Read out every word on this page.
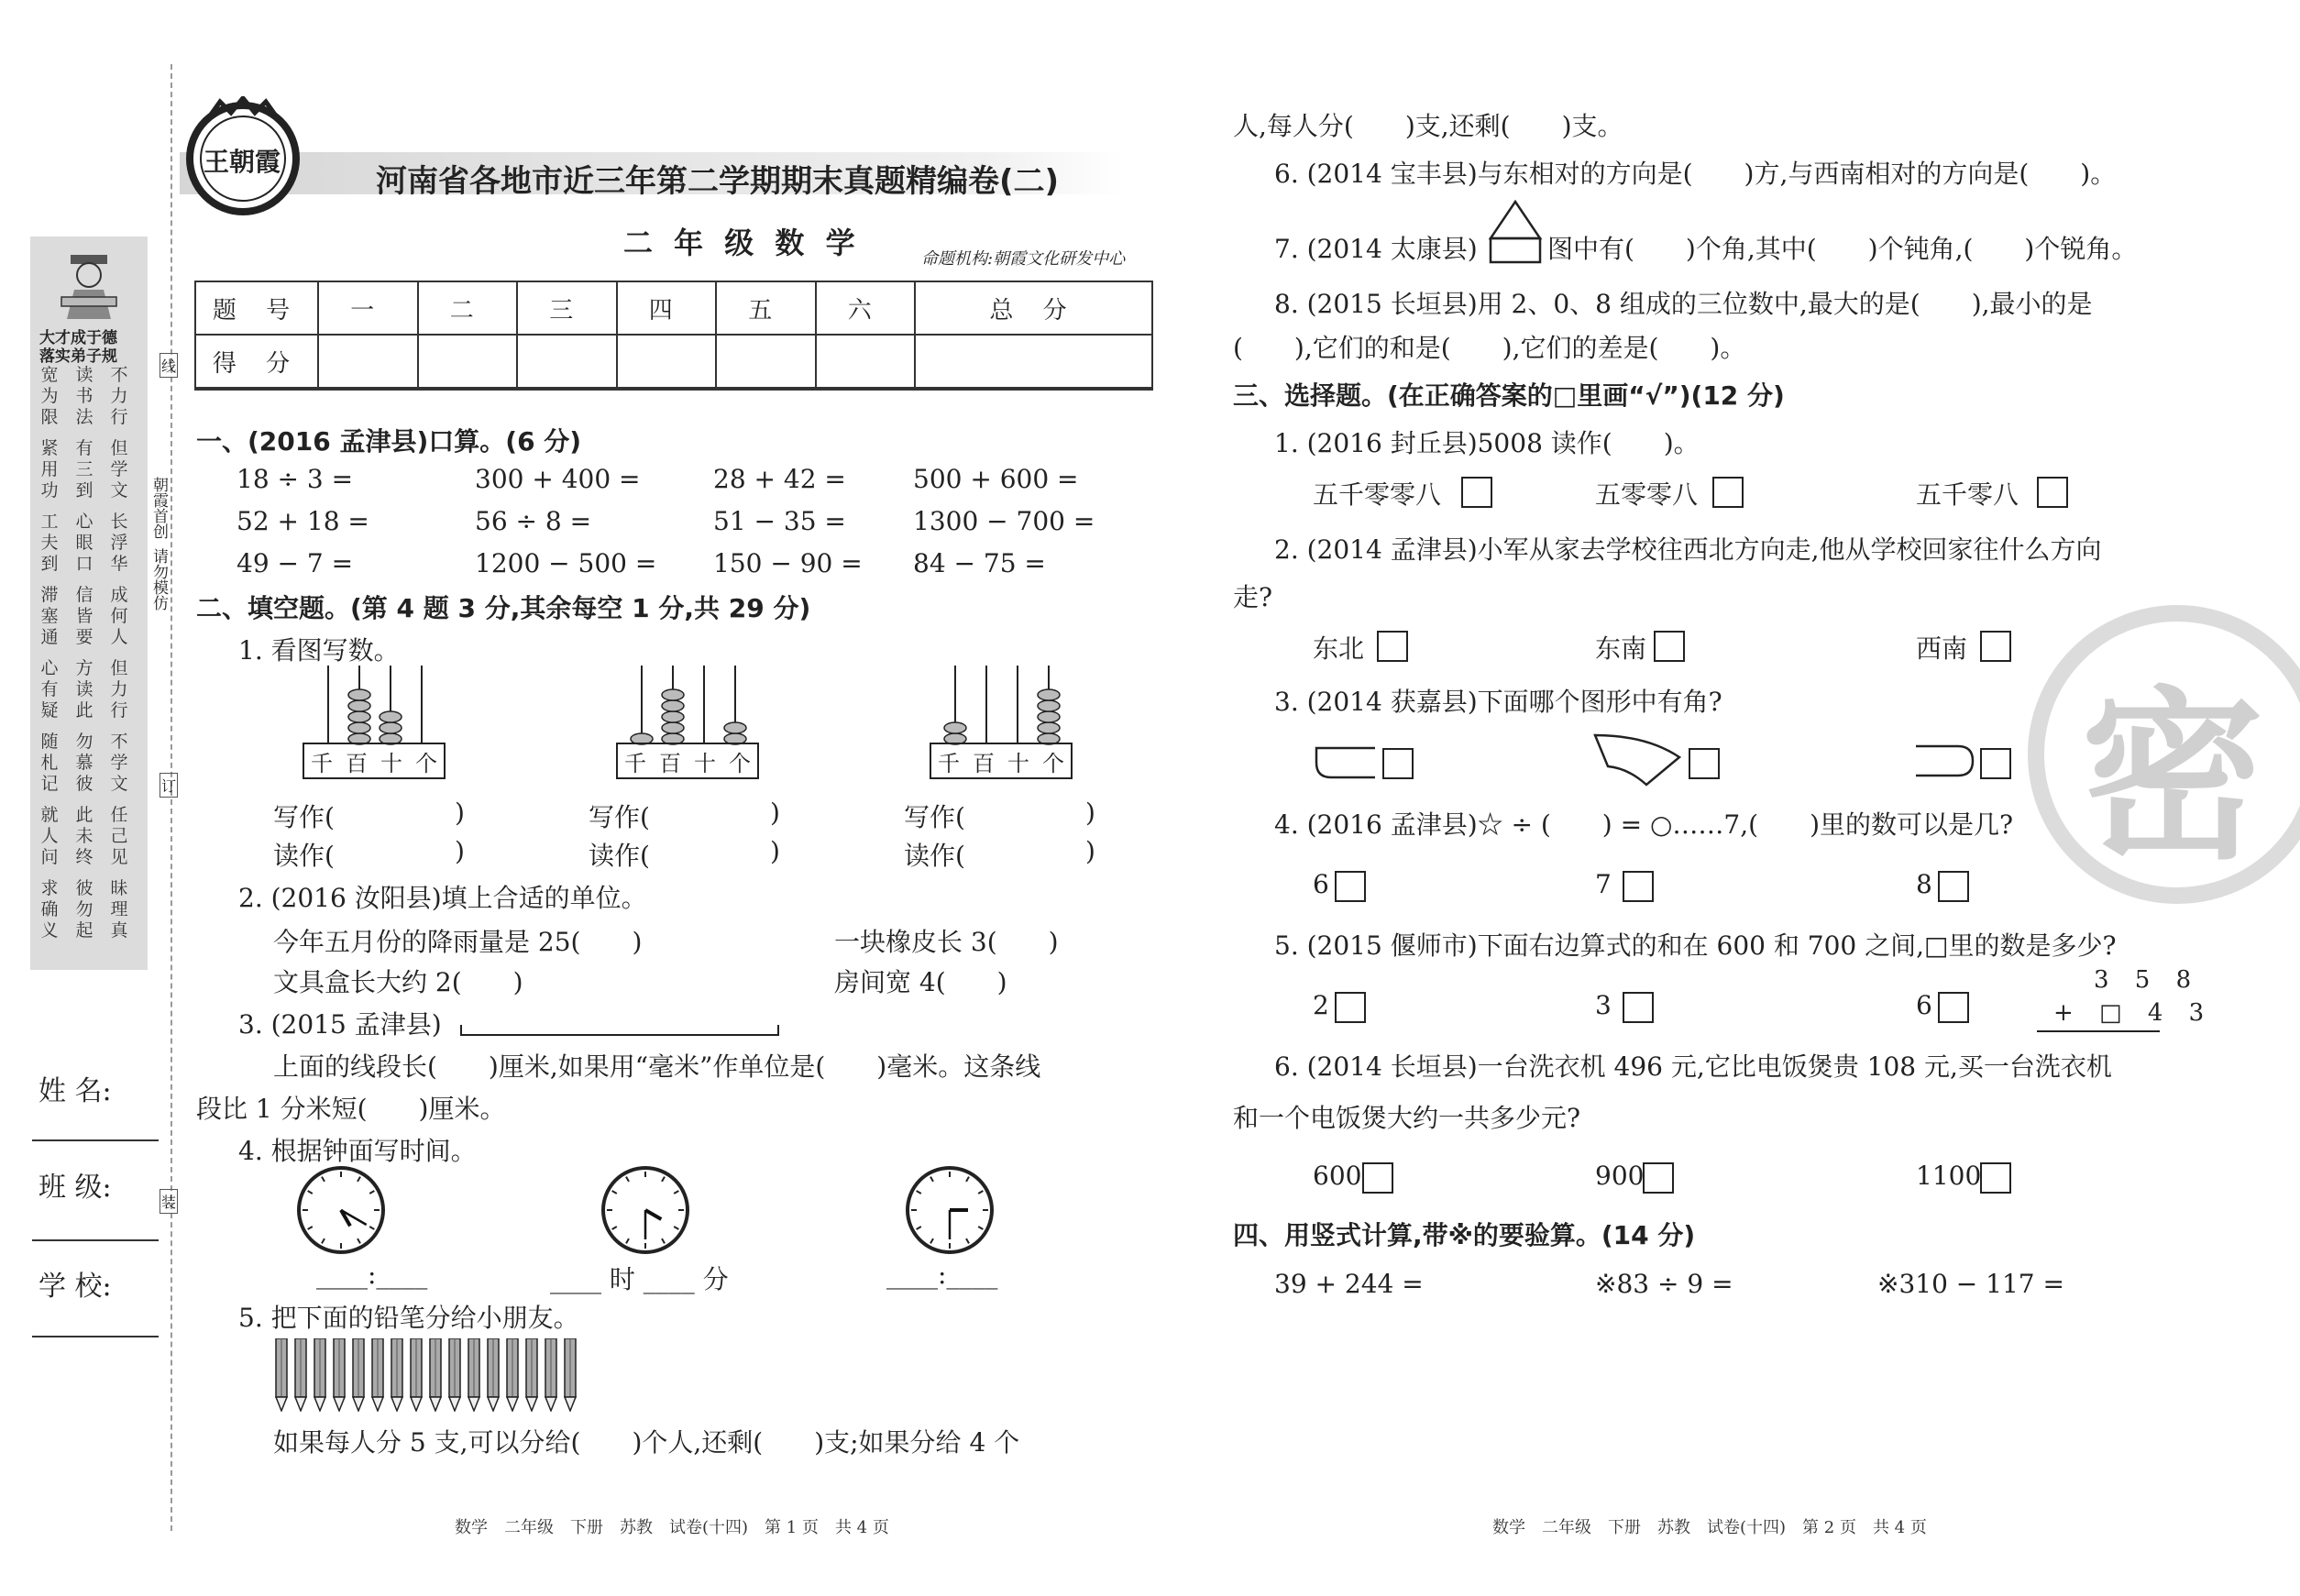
大才成于德
落实弟子规
宽为限
读书法
不力行
紧用功
有三到
但学文
工夫到
心眼口
长浮华
滞塞通
信皆要
成何人
心有疑
方读此
但力行
随札记
勿慕彼
不学文
就人问
此未终
任己见
求确义
彼勿起
昧理真
朝霞首创
请勿模仿
线
订
装
姓 名:
班 级:
学 校:
王朝霞
河南省各地市近三年第二学期期末真题精编卷(二)
二 年 级 数 学	命题机构:朝霞文化研发中心
题 号	一	二	三	四	五	六	总 分
得 分							
一、(2016 孟津县)口算。(6 分)
18 ÷ 3 =	300 + 400 =	28 + 42 =	500 + 600 =
52 + 18 =	56 ÷ 8 =	51 − 35 =	1300 − 700 =
49 − 7 =	1200 − 500 = 150 − 90 = 84 − 75 =
二、填空题。(第 4 题 3 分,其余每空 1 分,共 29 分)
1. 看图写数。
千 百 十 个
写作(	)
读作(	)
千 百 十 个
写作(	)
读作(	)
千 百 十 个
写作(	)
读作(	)
2. (2016 汝阳县)填上合适的单位。
今年五月份的降雨量是 25(　　)	一块橡皮长 3(　　)
文具盒长大约 2(　　)	房间宽 4(　　)
3. (2015 孟津县)
上面的线段长(　　)厘米,如果用“毫米”作单位是(　　)毫米。这条线
段比 1 分米短(　　)厘米。
4. 根据钟面写时间。
____:____	____ 时 ____ 分	____:____
5. 把下面的铅笔分给小朋友。
如果每人分 5 支,可以分给(　　)个人,还剩(　　)支;如果分给 4 个
数学　二年级　下册　苏教　试卷(十四)　第 1 页　共 4 页
人,每人分(　　)支,还剩(　　)支。
6. (2014 宝丰县)与东相对的方向是(　　)方,与西南相对的方向是(　　)。
7. (2014 太康县)	图中有(　　)个角,其中(　　)个钝角,(　　)个锐角。
8. (2015 长垣县)用 2、0、8 组成的三位数中,最大的是(　　),最小的是
(　　),它们的和是(　　),它们的差是(　　)。
三、选择题。(在正确答案的□里画“√”)(12 分)
1. (2016 封丘县)5008 读作(　　)。
五千零零八	五零零八	五千零八
2. (2014 孟津县)小军从家去学校往西北方向走,他从学校回家往什么方向
走?
东北	东南	西南
3. (2014 获嘉县)下面哪个图形中有角?
4. (2016 孟津县)☆ ÷ (　　) = ○……7,(　　)里的数可以是几?
6	7	8
5. (2015 偃师市)下面右边算式的和在 600 和 700 之间,□里的数是多少?
2	3	6
3 5 8
+ □ 4 3
6. (2014 长垣县)一台洗衣机 496 元,它比电饭煲贵 108 元,买一台洗衣机
和一个电饭煲大约一共多少元?
600	900	1100
四、用竖式计算,带※的要验算。(14 分)
39 + 244 =	※83 ÷ 9 =	※310 − 117 =
数学　二年级　下册　苏教　试卷(十四)　第 2 页　共 4 页
密
